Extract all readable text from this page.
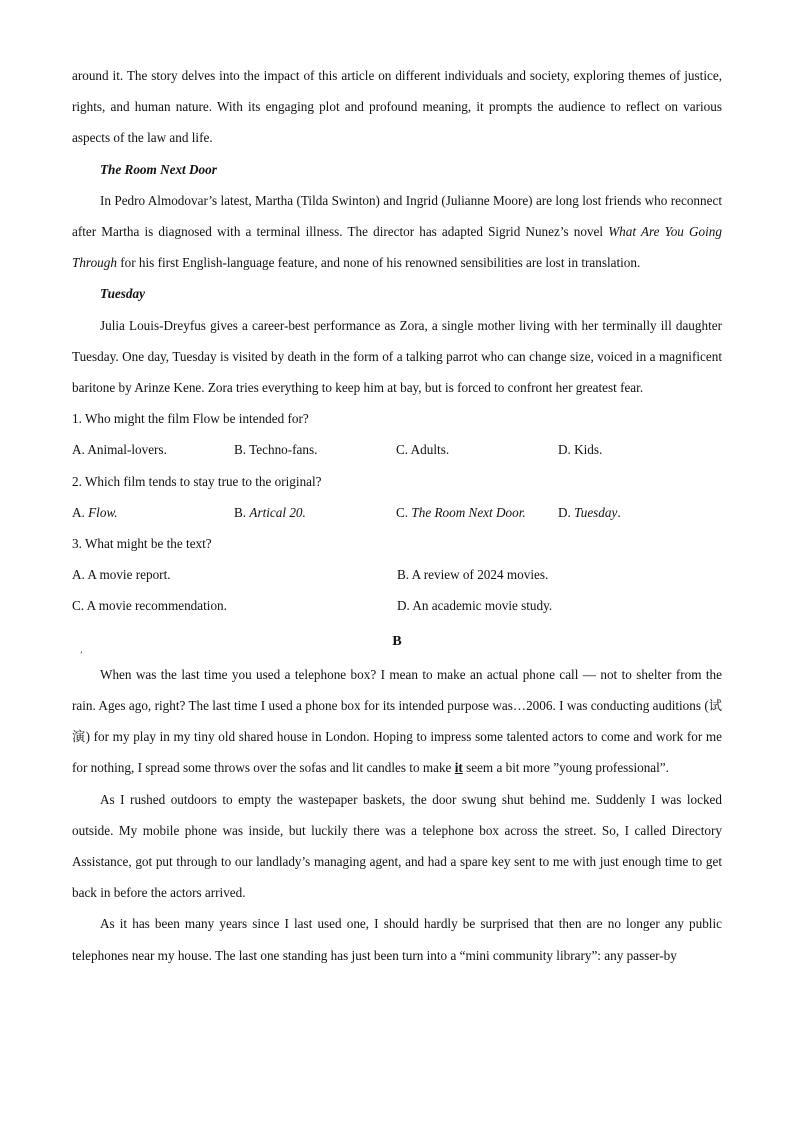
around it. The story delves into the impact of this article on different individuals and society, exploring themes of justice, rights, and human nature. With its engaging plot and profound meaning, it prompts the audience to reflect on various aspects of the law and life.

The Room Next Door

In Pedro Almodovar’s latest, Martha (Tilda Swinton) and Ingrid (Julianne Moore) are long lost friends who reconnect after Martha is diagnosed with a terminal illness. The director has adapted Sigrid Nunez’s novel What Are You Going Through for his first English-language feature, and none of his renowned sensibilities are lost in translation.

Tuesday

Julia Louis-Dreyfus gives a career-best performance as Zora, a single mother living with her terminally ill daughter Tuesday. One day, Tuesday is visited by death in the form of a talking parrot who can change size, voiced in a magnificent baritone by Arinze Kene. Zora tries everything to keep him at bay, but is forced to confront her greatest fear.

1. Who might the film Flow be intended for?

A. Animal-lovers.	B. Techno-fans.	C. Adults.	D. Kids.

2. Which film tends to stay true to the original?

A. Flow.	B. Artical 20.	C. The Room Next Door.	D. Tuesday.

3. What might be the text?

A. A movie report.	B. A review of 2024 movies.
C. A movie recommendation.	D. An academic movie study.
B

When was the last time you used a telephone box? I mean to make an actual phone call — not to shelter from the rain. Ages ago, right? The last time I used a phone box for its intended purpose was…2006. I was conducting auditions (试演) for my play in my tiny old shared house in London. Hoping to impress some talented actors to come and work for me for nothing, I spread some throws over the sofas and lit candles to make it seem a bit more ”young professional”.

As I rushed outdoors to empty the wastepaper baskets, the door swung shut behind me. Suddenly I was locked outside. My mobile phone was inside, but luckily there was a telephone box across the street. So, I called Directory Assistance, got put through to our landlady’s managing agent, and had a spare key sent to me with just enough time to get back in before the actors arrived.

As it has been many years since I last used one, I should hardly be surprised that then are no longer any public telephones near my house. The last one standing has just been turn into a “mini community library”: any passer-by

’
